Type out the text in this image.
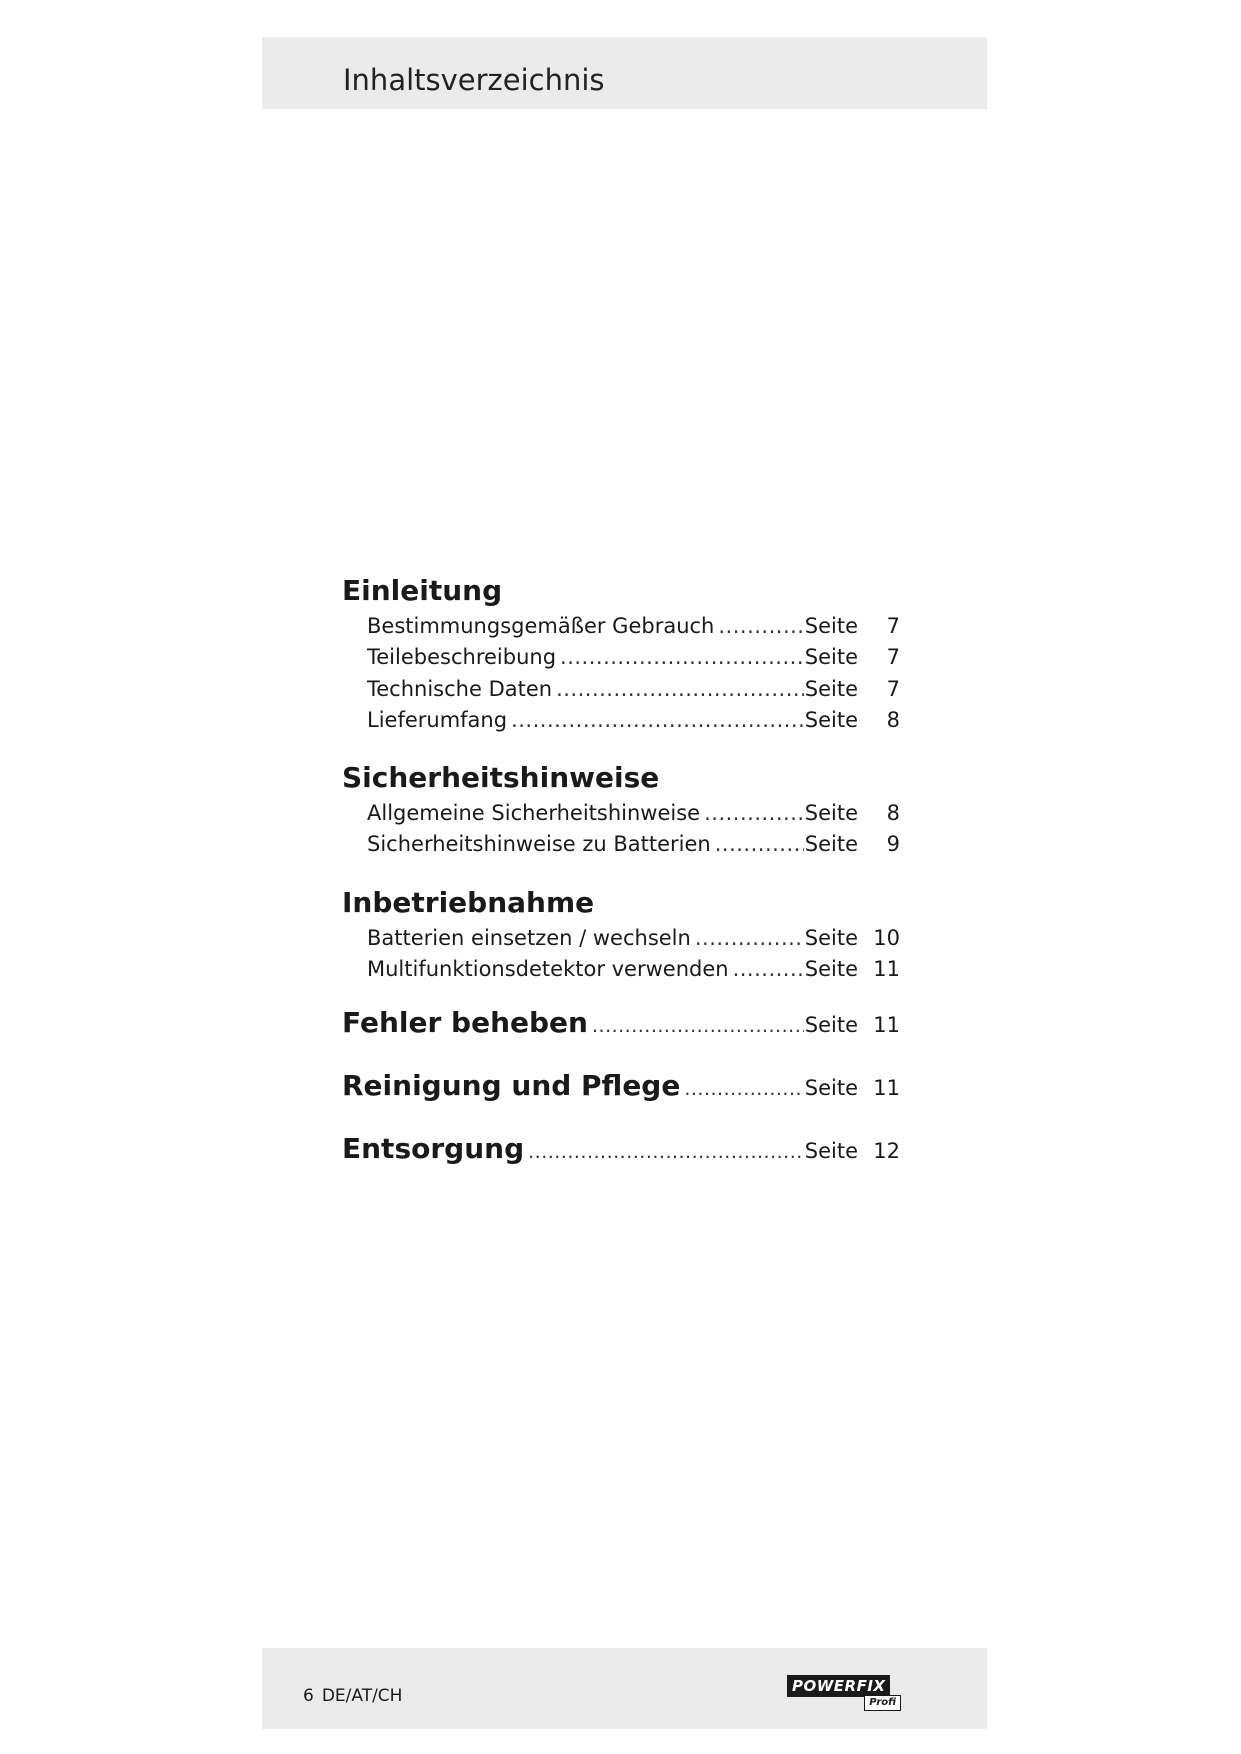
Inhaltsverzeichnis
Einleitung
Bestimmungsgemäßer Gebrauch .....	Seite	7
Teilebeschreibung .....	Seite	7
Technische Daten .....	Seite	7
Lieferumfang .....	Seite	8
Sicherheitshinweise
Allgemeine Sicherheitshinweise .....	Seite	8
Sicherheitshinweise zu Batterien .....	Seite	9
Inbetriebnahme
Batterien einsetzen / wechseln .....	Seite 10
Multifunktionsdetektor verwenden .....	Seite 11
Fehler beheben .....	Seite 11
Reinigung und Pflege .....	Seite 11
Entsorgung .....	Seite 12
6 DE/AT/CH	POWERFIX
Profi
